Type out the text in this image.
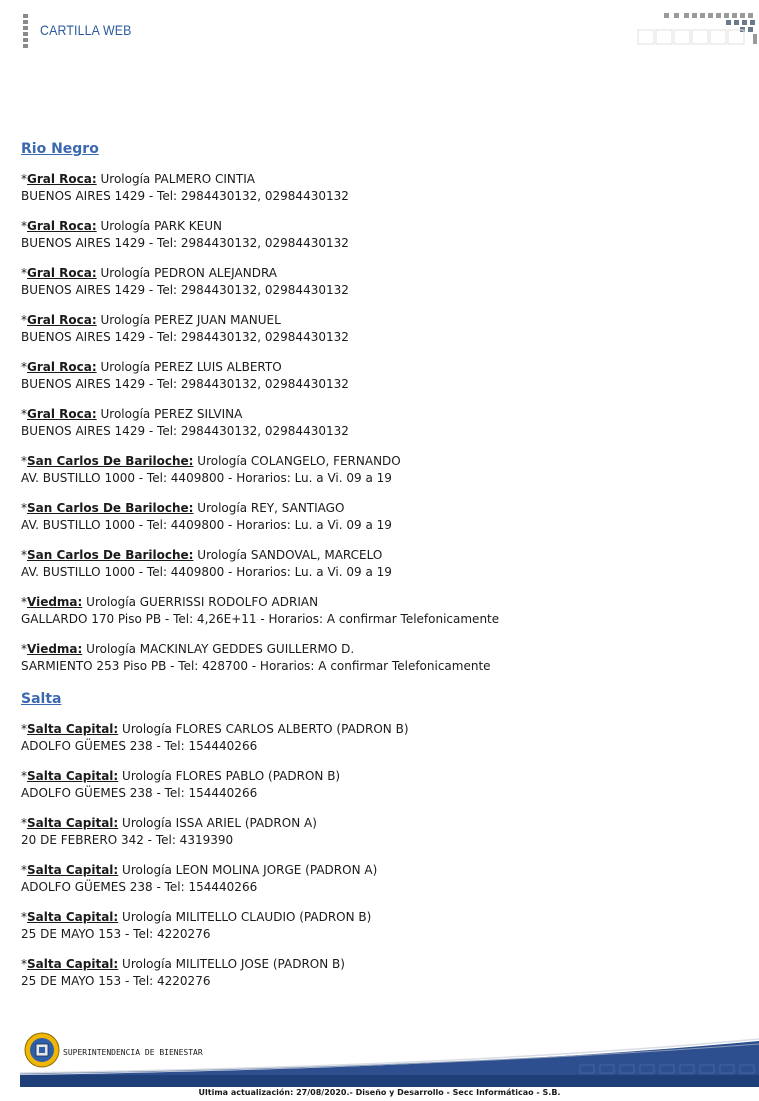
CARTILLA WEB
Rio Negro
*Gral Roca: Urología PALMERO CINTIA
BUENOS AIRES 1429 - Tel: 2984430132, 02984430132
*Gral Roca: Urología PARK KEUN
BUENOS AIRES 1429 - Tel: 2984430132, 02984430132
*Gral Roca: Urología PEDRON ALEJANDRA
BUENOS AIRES 1429 - Tel: 2984430132, 02984430132
*Gral Roca: Urología PEREZ JUAN MANUEL
BUENOS AIRES 1429 - Tel: 2984430132, 02984430132
*Gral Roca: Urología PEREZ LUIS ALBERTO
BUENOS AIRES 1429 - Tel: 2984430132, 02984430132
*Gral Roca: Urología PEREZ SILVINA
BUENOS AIRES 1429 - Tel: 2984430132, 02984430132
*San Carlos De Bariloche: Urología COLANGELO, FERNANDO
AV. BUSTILLO 1000 - Tel: 4409800 - Horarios: Lu. a Vi. 09 a 19
*San Carlos De Bariloche: Urología REY, SANTIAGO
AV. BUSTILLO 1000 - Tel: 4409800 - Horarios: Lu. a Vi. 09 a 19
*San Carlos De Bariloche: Urología SANDOVAL, MARCELO
AV. BUSTILLO 1000 - Tel: 4409800 - Horarios: Lu. a Vi. 09 a 19
*Viedma: Urología GUERRISSI RODOLFO ADRIAN
GALLARDO 170 Piso PB - Tel: 4,26E+11 - Horarios: A confirmar Telefonicamente
*Viedma: Urología MACKINLAY GEDDES GUILLERMO D.
SARMIENTO 253 Piso PB - Tel: 428700 - Horarios: A confirmar Telefonicamente
Salta
*Salta Capital: Urología FLORES CARLOS ALBERTO (PADRON B)
ADOLFO GÜEMES 238 - Tel: 154440266
*Salta Capital: Urología FLORES PABLO (PADRON B)
ADOLFO GÜEMES 238 - Tel: 154440266
*Salta Capital: Urología ISSA ARIEL (PADRON A)
20 DE FEBRERO 342 - Tel: 4319390
*Salta Capital: Urología LEON MOLINA JORGE (PADRON A)
ADOLFO GÜEMES 238 - Tel: 154440266
*Salta Capital: Urología MILITELLO CLAUDIO (PADRON B)
25 DE MAYO 153 - Tel: 4220276
*Salta Capital: Urología MILITELLO JOSE (PADRON B)
25 DE MAYO 153 - Tel: 4220276
SUPERINTENDENCIA DE BIENESTAR
Ultima actualización: 27/08/2020.- Diseño y Desarrollo - Secc Informáticao - S.B.
